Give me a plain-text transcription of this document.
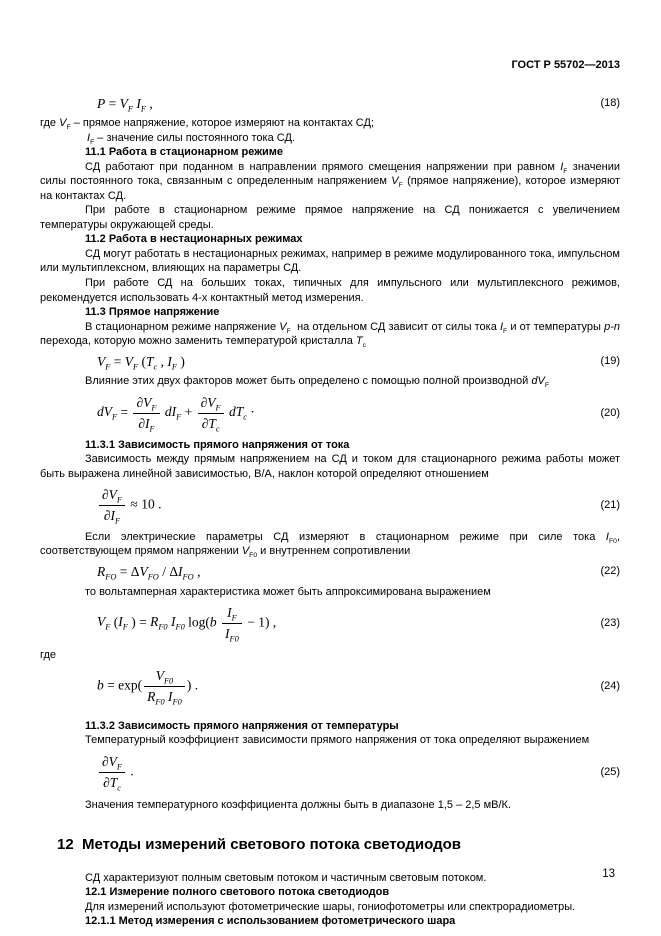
ГОСТ Р 55702—2013
$P = V_F$ $I_F$ ,	(18)
где $V_F$ – прямое напряжение, которое измеряют на контактах СД;
$I_F$ – значение силы постоянного тока СД.
11.1 Работа в стационарном режиме

СД работают при поданном в направлении прямого смещения напряжении при равном $I_F$ значении силы постоянного тока, связанным с определенным напряжением $V_F$ (прямое напряжение), которое измеряют на контактах СД.

При работе в стационарном режиме прямое напряжение на СД понижается с увеличением температуры окружающей среды.

11.2 Работа в нестационарных режимах

СД могут работать в нестационарных режимах, например в режиме модулированного тока, импульсном или мультиплексном, влияющих на параметры СД.

При работе СД на больших токах, типичных для импульсного или мультиплексного режимов, рекомендуется использовать 4-х контактный метод измерения.

11.3 Прямое напряжение

В стационарном режиме напряжение $V_F$  на отдельном СД зависит от силы тока $I_F$ и от температуры p-n перехода, которую можно заменить температурой кристалла $T_c$

$V_F = V_F$ ($T_c$ , $I_F$ )	(19)

Влияние этих двух факторов может быть определено с помощью полной производной $dV_F$

$dV_F = \frac{\partial V_F}{\partial I_F} dI_F + \frac{\partial V_F}{\partial T_c} dT_c$ ·	(20)
11.3.1 Зависимость прямого напряжения от тока

Зависимость между прямым напряжением на СД и током для стационарного режима работы может быть выражена линейной зависимостью, В/А, наклон которой определяют отношением

$\frac{\partial V_F}{\partial I_F} \approx 10$ .	(21)

Если электрические параметры СД измеряют в стационарном режиме при силе тока $I_{F0}$, соответствующем прямом напряжении $V_{F0}$ и внутреннем сопротивлении

$R_{FO} = \Delta V_{FO} / \Delta I_{FO}$ ,	(22)

то вольтамперная характеристика может быть аппроксимирована выражением

$V_F$ ($I_F$ ) = $R_{F0}$ $I_{F0}$ $\log(b \frac{I_F}{I_{F0}} - 1)$ ,	(23)
где
$b = \exp( \frac{V_{F0}}{R_{F0} I_{F0}}$ ) .	(24)
11.3.2 Зависимость прямого напряжения от температуры

Температурный коэффициент зависимости прямого напряжения от тока определяют выражением

$\frac{\partial V_F}{\partial T_c}$ .	(25)

Значения температурного коэффициента должны быть в диапазоне 1,5 – 2,5 мВ/К.

12  Методы измерений светового потока светодиодов

СД характеризуют полным световым потоком и частичным световым потоком.

12.1 Измерение полного светового потока светодиодов

Для измерений используют фотометрические шары, гониофотометры или спектрорадиометры.

12.1.1 Метод измерения с использованием фотометрического шара
13
